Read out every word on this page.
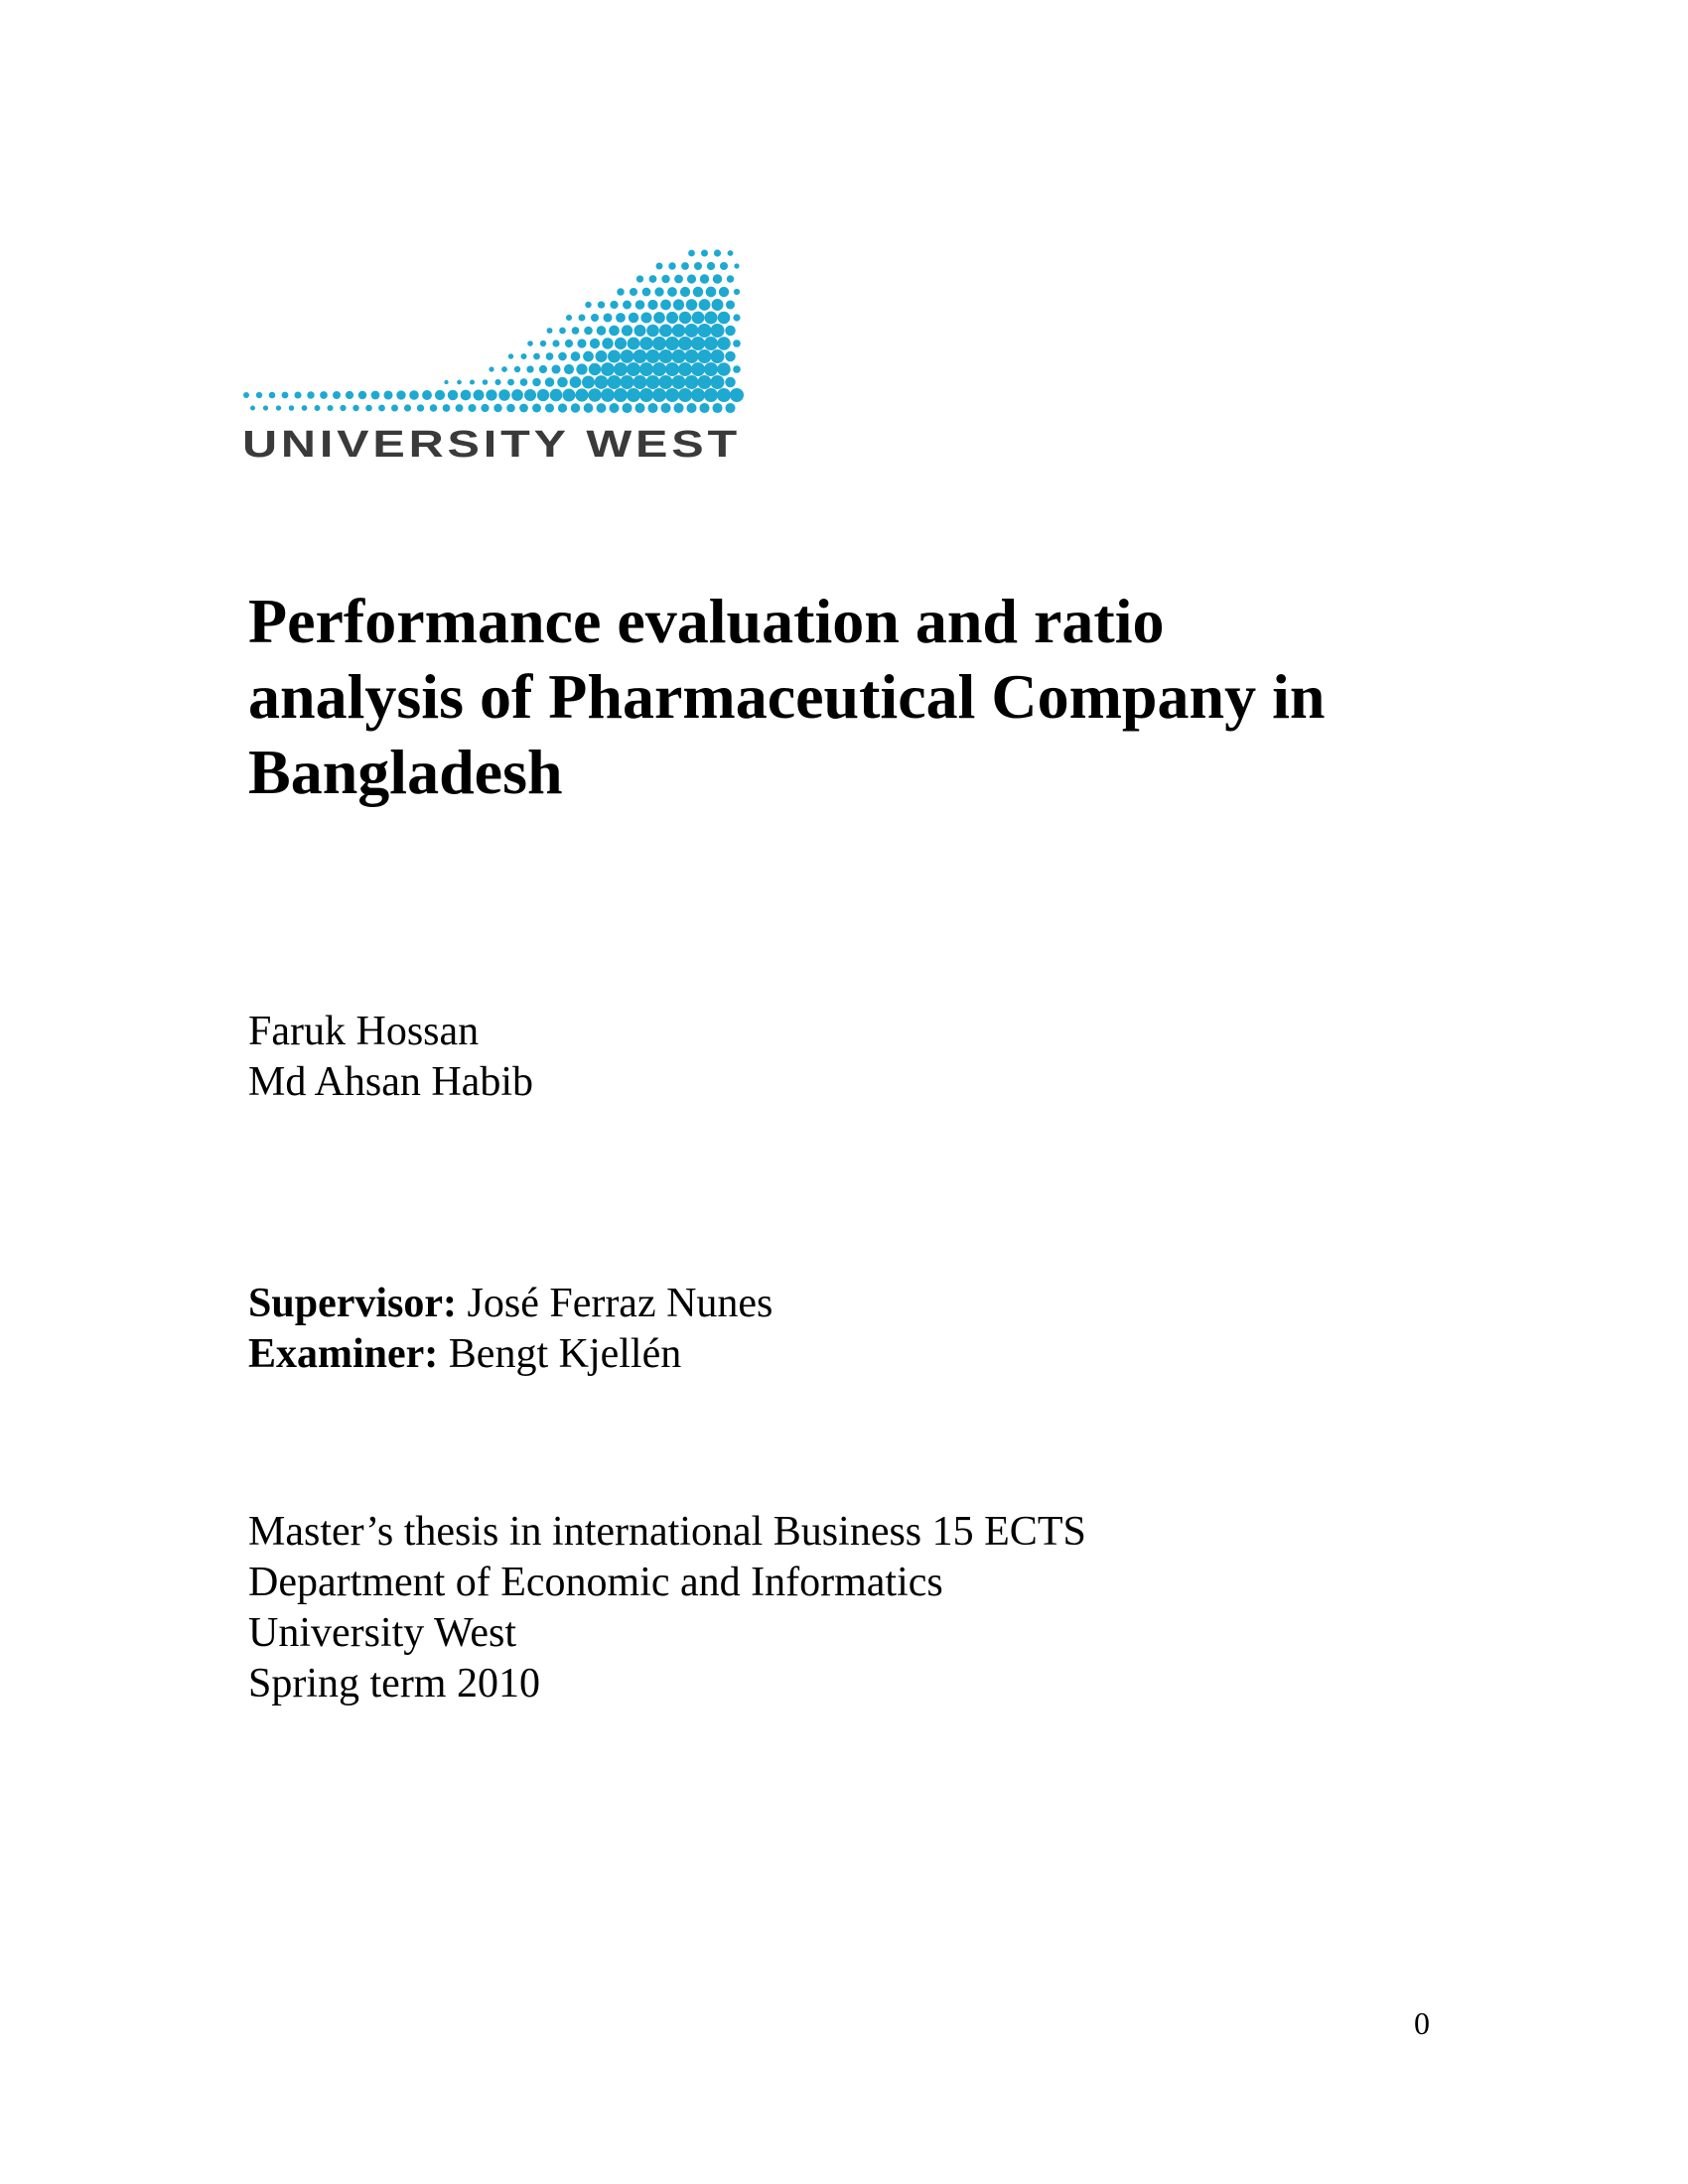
UNIVERSITY WEST
Performance evaluation and ratio
analysis of Pharmaceutical Company in
Bangladesh
Faruk Hossan
Md Ahsan Habib
Supervisor: José Ferraz Nunes
Examiner: Bengt Kjellén
Master’s thesis in international Business 15 ECTS
Department of Economic and Informatics
University West
Spring term 2010
0
